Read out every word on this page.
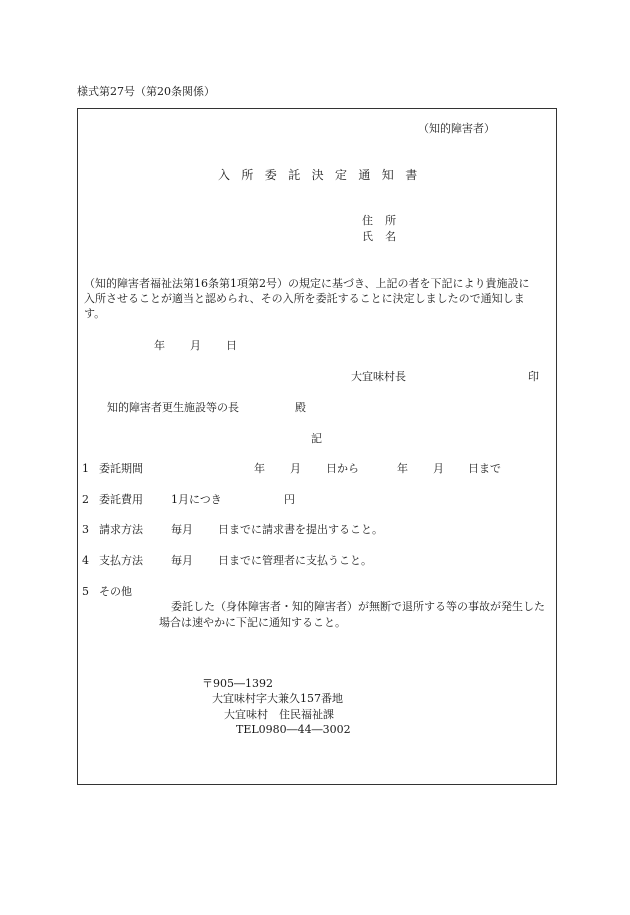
様式第27号（第20条関係）
（知的障害者）
入所委託決定通知書
住所
氏名
（知的障害者福祉法第16条第1項第2号）の規定に基づき、上記の者を下記により貴施設に
入所させることが適当と認められ、その入所を委託することに決定しましたので通知しま
す。
年 月 日
大宜味村長	印
知的障害者更生施設等の長	殿
記
1 委託期間	年 月 日から	年 月 日まで
2 委託費用	1月につき	円
3 請求方法	毎月 日までに請求書を提出すること。
4 支払方法	毎月 日までに管理者に支払うこと。
5 その他
委託した（身体障害者・知的障害者）が無断で退所する等の事故が発生した
場合は速やかに下記に通知すること。
〒905―1392
大宜味村字大兼久157番地
大宜味村　住民福祉課
TEL0980―44―3002
